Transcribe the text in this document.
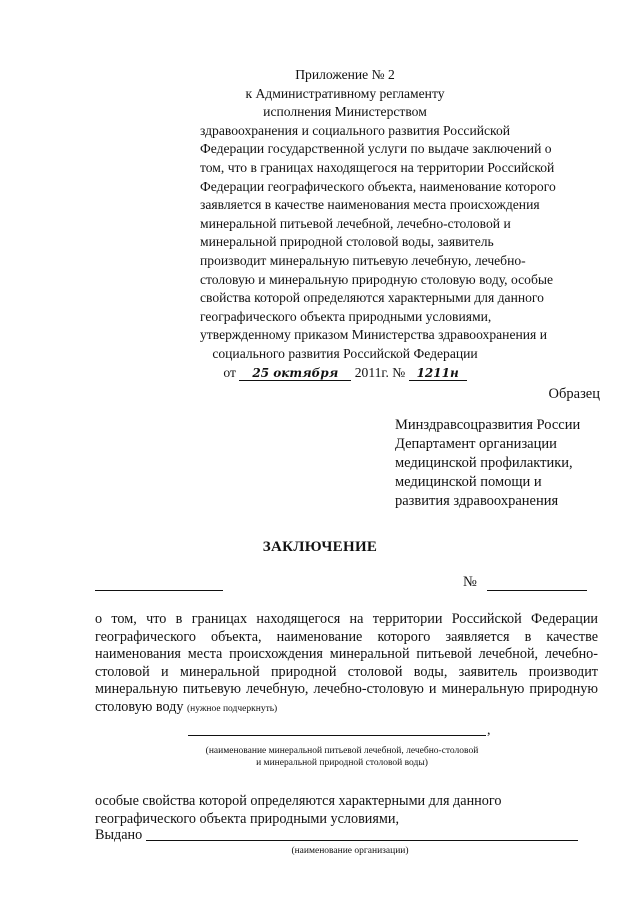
Приложение № 2
к Административному регламенту
исполнения Министерством
здравоохранения и социального развития Российской
Федерации государственной услуги по выдаче заключений о
том, что в границах находящегося на территории Российской
Федерации географического объекта, наименование которого
заявляется в качестве наименования места происхождения
минеральной питьевой лечебной, лечебно-столовой и
минеральной природной столовой воды, заявитель
производит минеральную питьевую лечебную, лечебно-
столовую и минеральную природную столовую воду, особые
свойства которой определяются характерными для данного
географического объекта природными условиями,
утвержденному приказом Министерства здравоохранения и
социального развития Российской Федерации
от 25 октября 2011г. № 1211н
Образец
Минздравсоцразвития России
Департамент организации
медицинской профилактики,
медицинской помощи и
развития здравоохранения
ЗАКЛЮЧЕНИЕ
№
о том, что в границах находящегося на территории Российской Федерации географического объекта, наименование которого заявляется в качестве наименования места происхождения минеральной питьевой лечебной, лечебно-столовой и минеральной природной столовой воды, заявитель производит минеральную питьевую лечебную, лечебно-столовую и минеральную природную столовую воду (нужное подчеркнуть)
,
(наименование минеральной питьевой лечебной, лечебно-столовой
и минеральной природной столовой воды)
особые свойства которой определяются характерными для данного географического объекта природными условиями,
Выдано
(наименование организации)
